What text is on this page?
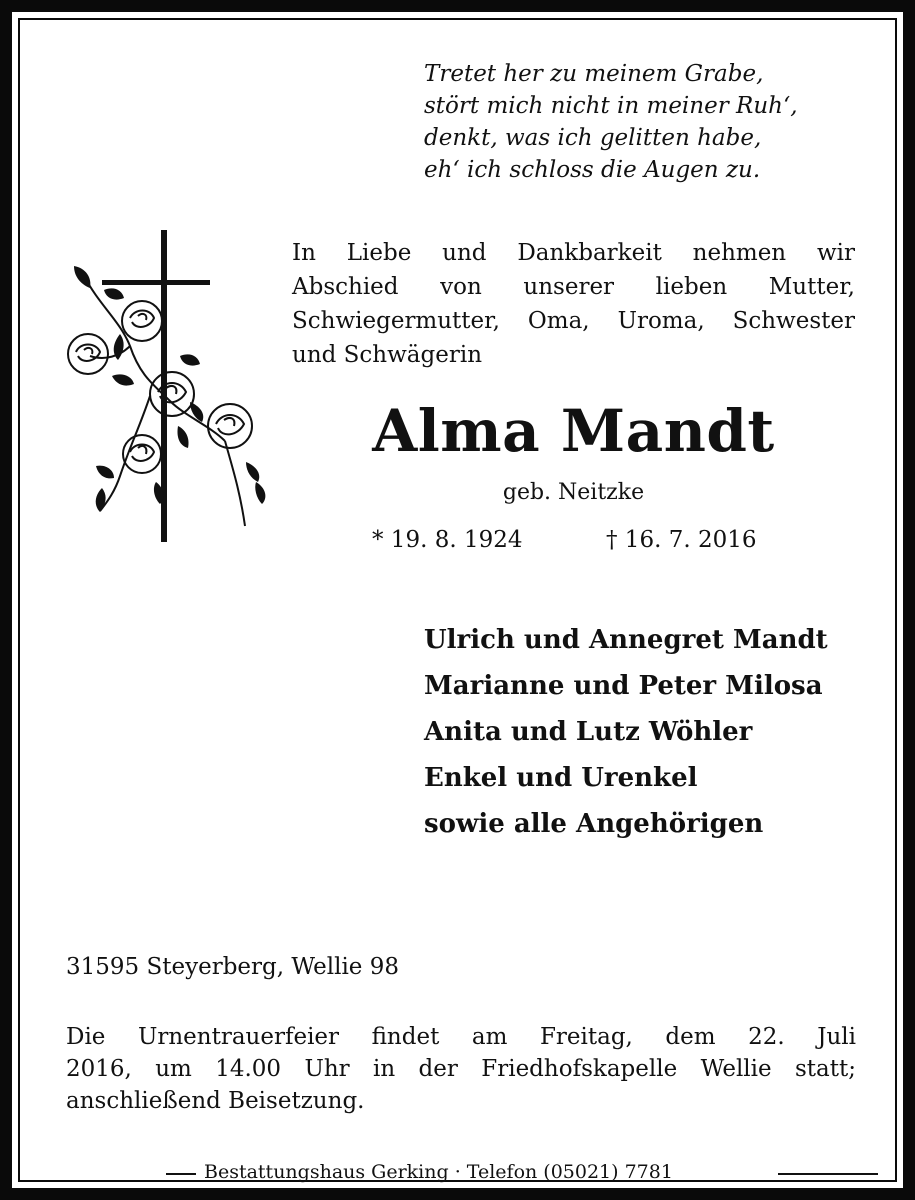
Tretet her zu meinem Grabe,
stört mich nicht in meiner Ruh‘,
denkt, was ich gelitten habe,
eh‘ ich schloss die Augen zu.
In Liebe und Dankbarkeit nehmen wir
Abschied von unserer lieben Mutter,
Schwiegermutter, Oma, Uroma, Schwester
und Schwägerin
Alma Mandt
geb. Neitzke
* 19. 8. 1924	† 16. 7. 2016
Ulrich und Annegret Mandt
Marianne und Peter Milosa
Anita und Lutz Wöhler
Enkel und Urenkel
sowie alle Angehörigen
31595 Steyerberg, Wellie 98
Die Urnentrauerfeier findet am Freitag, dem 22. Juli
2016, um 14.00 Uhr in der Friedhofskapelle Wellie statt;
anschließend Beisetzung.
Bestattungshaus Gerking · Telefon (05021) 7781
